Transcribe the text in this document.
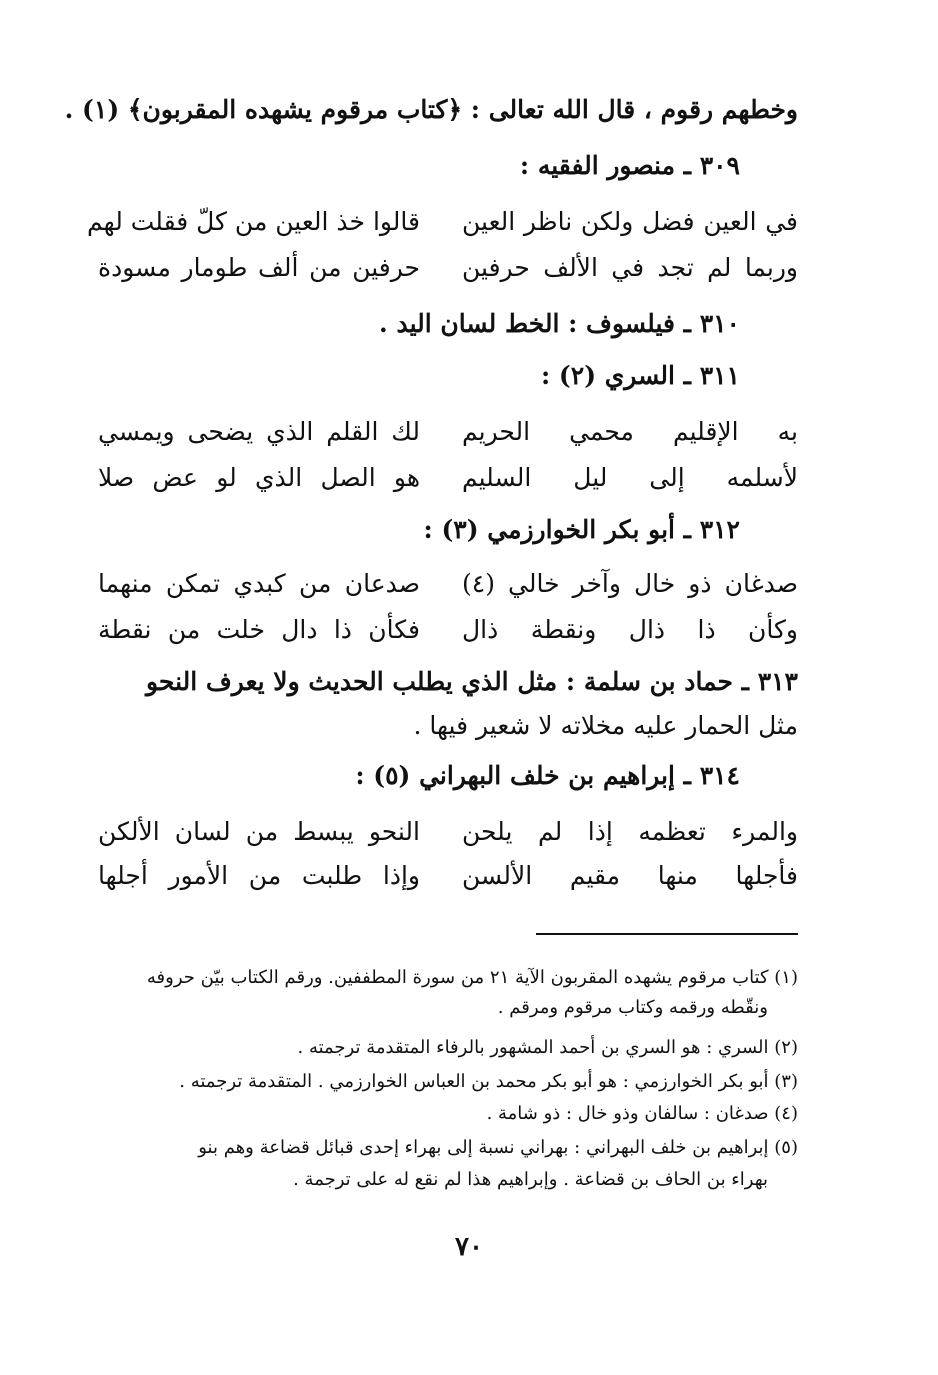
وخطهم رقوم ، قال الله تعالى : ﴿كتاب مرقوم يشهده المقربون﴾ (١) .
٣٠٩ ـ منصور الفقيه :
قالوا خذ العين من كلّ فقلت لهم في العين فضل ولكن ناظر العين
حرفين من ألف طومار مسودة وربما لم تجد في الألف حرفين
٣١٠ ـ فيلسوف : الخط لسان اليد .
٣١١ ـ السري (٢) :
لك القلم الذي يضحى ويمسي به الإقليم محمي الحريم
هو الصل الذي لو عض صلا لأسلمه إلى ليل السليم
٣١٢ ـ أبو بكر الخوارزمي (٣) :
صدعان من كبدي تمكن منهما صدغان ذو خال وآخر خالي (٤)
فكأن ذا دال خلت من نقطة وكأن ذا ذال ونقطة ذال
٣١٣ ـ حماد بن سلمة : مثل الذي يطلب الحديث ولا يعرف النحو
مثل الحمار عليه مخلاته لا شعير فيها .
٣١٤ ـ إبراهيم بن خلف البهراني (٥) :
النحو يبسط من لسان الألكن والمرء تعظمه إذا لم يلحن
وإذا طلبت من الأمور أجلها فأجلها منها مقيم الألسن
(١) كتاب مرقوم يشهده المقربون الآية ٢١ من سورة المطففين. ورقم الكتاب بيّن حروفه
ونقّطه ورقمه وكتاب مرقوم ومرقم .
(٢) السري : هو السري بن أحمد المشهور بالرفاء المتقدمة ترجمته .
(٣) أبو بكر الخوارزمي : هو أبو بكر محمد بن العباس الخوارزمي . المتقدمة ترجمته .
(٤) صدغان : سالفان وذو خال : ذو شامة .
(٥) إبراهيم بن خلف البهراني : بهراني نسبة إلى بهراء إحدى قبائل قضاعة وهم بنو
بهراء بن الحاف بن قضاعة . وإبراهيم هذا لم نقع له على ترجمة .
٧٠
